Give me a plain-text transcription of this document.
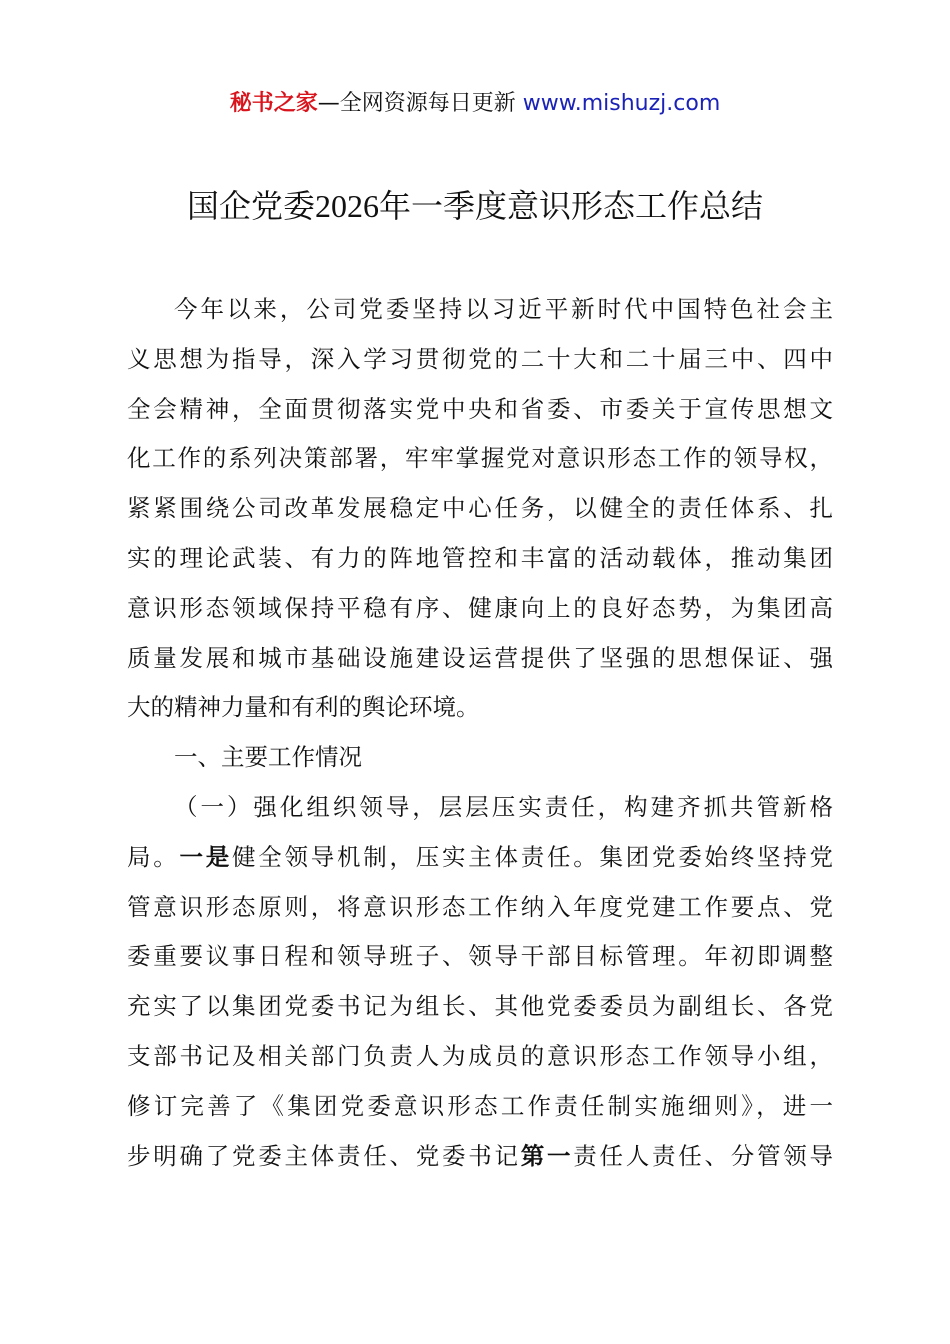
秘书之家—全网资源每日更新 www.mishuzj.com
国企党委2026年一季度意识形态工作总结
今年以来，公司党委坚持以习近平新时代中国特色社会主
义思想为指导，深入学习贯彻党的二十大和二十届三中、四中
全会精神，全面贯彻落实党中央和省委、市委关于宣传思想文
化工作的系列决策部署，牢牢掌握党对意识形态工作的领导权，
紧紧围绕公司改革发展稳定中心任务，以健全的责任体系、扎
实的理论武装、有力的阵地管控和丰富的活动载体，推动集团
意识形态领域保持平稳有序、健康向上的良好态势，为集团高
质量发展和城市基础设施建设运营提供了坚强的思想保证、强
大的精神力量和有利的舆论环境。
一、主要工作情况
（一）强化组织领导，层层压实责任，构建齐抓共管新格
局。一是健全领导机制，压实主体责任。集团党委始终坚持党
管意识形态原则，将意识形态工作纳入年度党建工作要点、党
委重要议事日程和领导班子、领导干部目标管理。年初即调整
充实了以集团党委书记为组长、其他党委委员为副组长、各党
支部书记及相关部门负责人为成员的意识形态工作领导小组，
修订完善了《集团党委意识形态工作责任制实施细则》，进一
步明确了党委主体责任、党委书记第一责任人责任、分管领导
